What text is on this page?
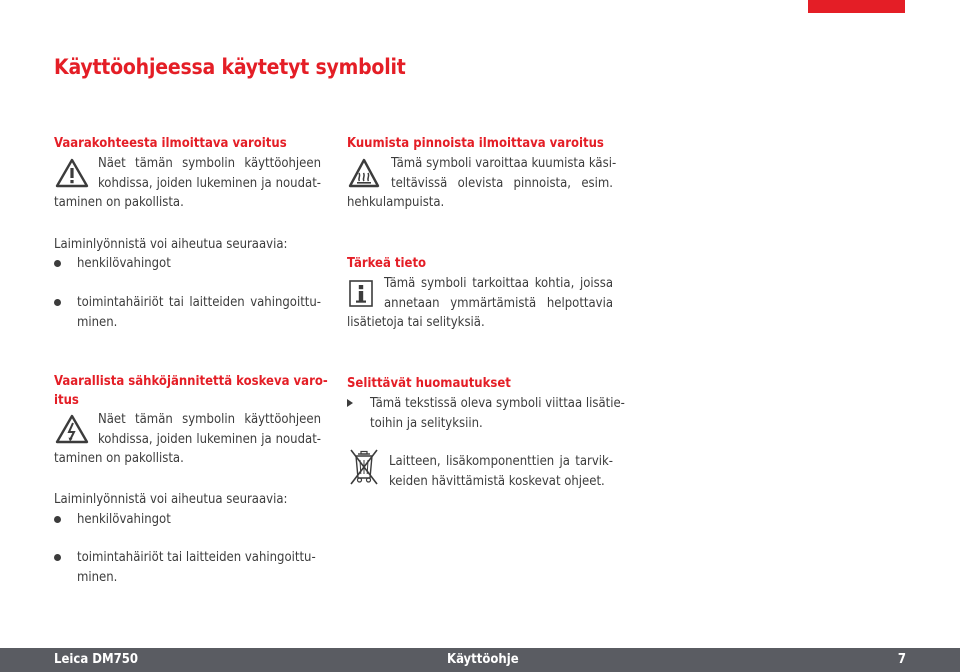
Käyttöohjeessa käytetyt symbolit
Vaarakohteesta ilmoittava varoitus
Näet tämän symbolin käyttöohjeen
kohdissa, joiden lukeminen ja noudat-
taminen on pakollista.
Laiminlyönnistä voi aiheutua seuraavia:
henkilövahingot
toimintahäiriöt tai laitteiden vahingoittu-
minen.
Vaarallista sähköjännitettä koskeva varo-
itus
Näet tämän symbolin käyttöohjeen
kohdissa, joiden lukeminen ja noudat-
taminen on pakollista.
Laiminlyönnistä voi aiheutua seuraavia:
henkilövahingot
toimintahäiriöt tai laitteiden vahingoittu-
minen.
Kuumista pinnoista ilmoittava varoitus
Tämä symboli varoittaa kuumista käsi-
teltävissä olevista pinnoista, esim.
hehkulampuista.
Tärkeä tieto
Tämä symboli tarkoittaa kohtia, joissa
annetaan ymmärtämistä helpottavia
lisätietoja tai selityksiä.
Selittävät huomautukset
Tämä tekstissä oleva symboli viittaa lisätie-
toihin ja selityksiin.
Laitteen, lisäkomponenttien ja tarvik-
keiden hävittämistä koskevat ohjeet.
Leica DM750	Käyttöohje	7
